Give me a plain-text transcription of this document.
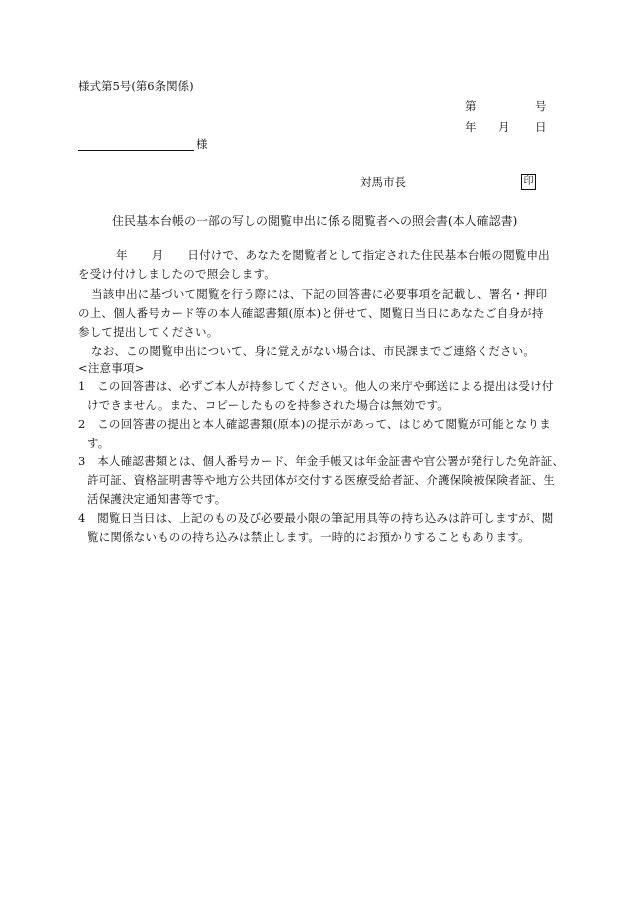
様式第5号(第6条関係)
第	号
年 月 日
様
対馬市長	印
住民基本台帳の一部の写しの閲覧申出に係る閲覧者への照会書(本人確認書)
年 月 日付けで、あなたを閲覧者として指定された住民基本台帳の閲覧申出
を受け付けしましたので照会します。
当該申出に基づいて閲覧を行う際には、下記の回答書に必要事項を記載し、署名・押印
の上、個人番号カード等の本人確認書類(原本)と併せて、閲覧日当日にあなたご自身が持
参して提出してください。
なお、この閲覧申出について、身に覚えがない場合は、市民課までご連絡ください。
<注意事項>
1　この回答書は、必ずご本人が持参してください。他人の来庁や郵送による提出は受け付
けできません。また、コピーしたものを持参された場合は無効です。
2　この回答書の提出と本人確認書類(原本)の提示があって、はじめて閲覧が可能となりま
す。
3　本人確認書類とは、個人番号カード、年金手帳又は年金証書や官公署が発行した免許証、
許可証、資格証明書等や地方公共団体が交付する医療受給者証、介護保険被保険者証、生
活保護決定通知書等です。
4　閲覧日当日は、上記のもの及び必要最小限の筆記用具等の持ち込みは許可しますが、閲
覧に関係ないものの持ち込みは禁止します。一時的にお預かりすることもあります。
